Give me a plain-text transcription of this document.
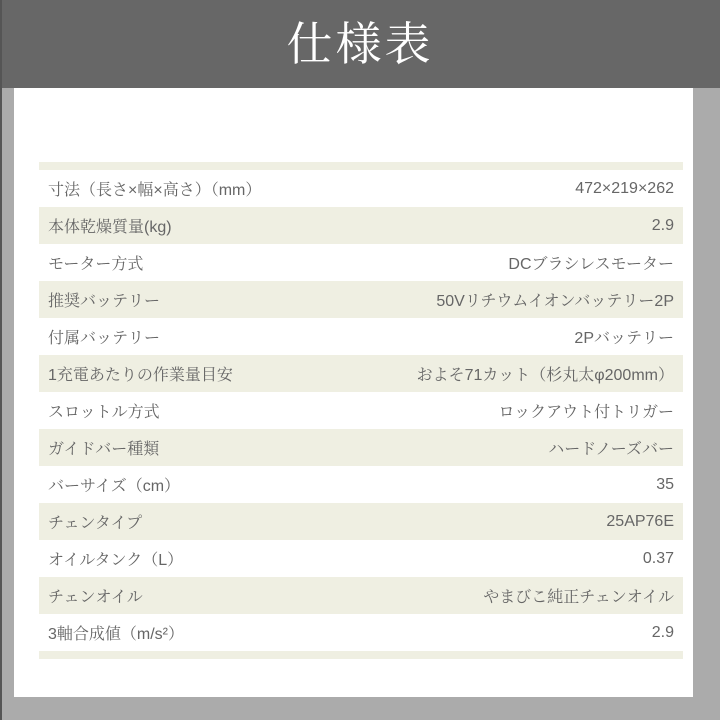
仕様表
寸法（長さ×幅×高さ）（mm）	472×219×262
本体乾燥質量(kg)	2.9
モーター方式	DCブラシレスモーター
推奨バッテリー	50Vリチウムイオンバッテリー2P
付属バッテリー	2Pバッテリー
1充電あたりの作業量目安	およそ71カット（杉丸太φ200mm）
スロットル方式	ロックアウト付トリガー
ガイドバー種類	ハードノーズバー
バーサイズ（cm）	35
チェンタイプ	25AP76E
オイルタンク（L）	0.37
チェンオイル	やまびこ純正チェンオイル
3軸合成値（m/s²）	2.9
